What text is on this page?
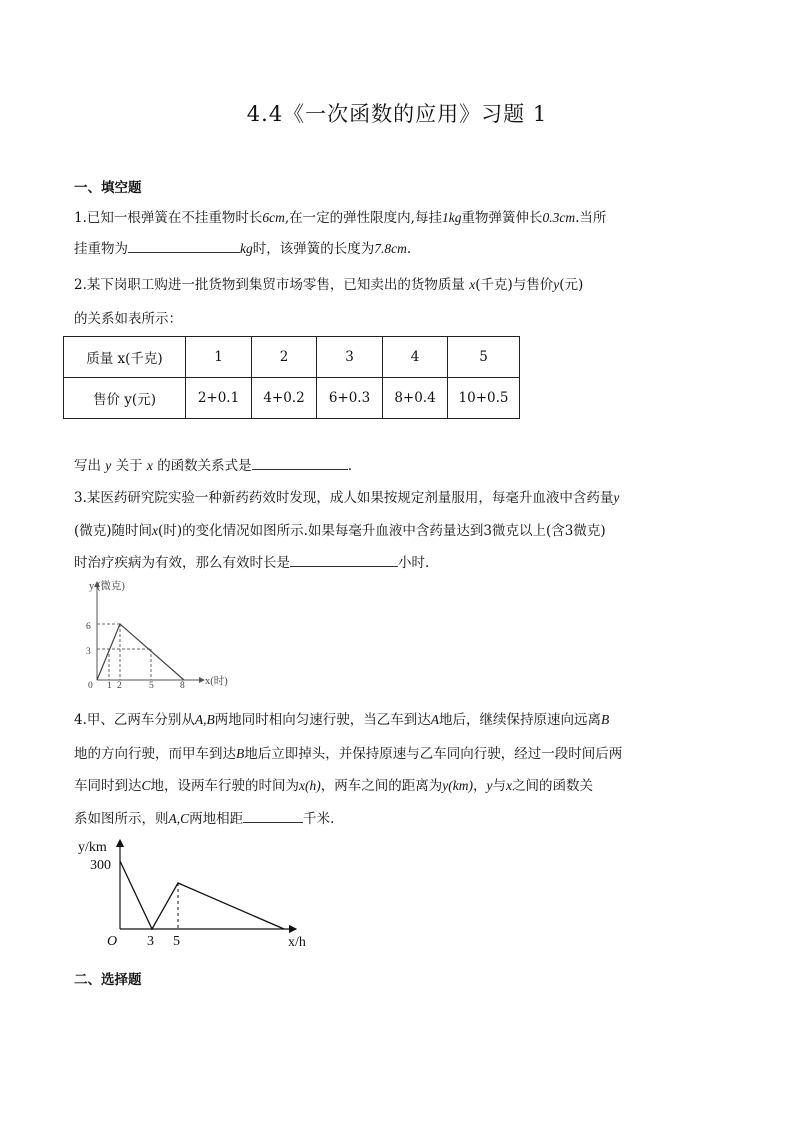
4.4《一次函数的应用》习题 1
一、填空题
1.已知一根弹簧在不挂重物时长6cm,在一定的弹性限度内,每挂1kg重物弹簧伸长0.3cm.当所
挂重物为	kg时，该弹簧的长度为7.8cm.
2.某下岗职工购进一批货物到集贸市场零售，已知卖出的货物质量 x(千克)与售价y(元)
的关系如表所示：
质量 x(千克)	1	2	3	4	5
售价 y(元)	2+0.1	4+0.2	6+0.3	8+0.4	10+0.5
写出 y 关于 x 的函数关系式是	.
3.某医药研究院实验一种新药药效时发现，成人如果按规定剂量服用，每毫升血液中含药量y
(微克)随时间x(时)的变化情况如图所示.如果每毫升血液中含药量达到3微克以上(含3微克)
时治疗疾病为有效，那么有效时长是	小时.
y (微克)
x(时)
0
6
3
1 2	5	8
4.甲、乙两车分别从A,B两地同时相向匀速行驶，当乙车到达A地后，继续保持原速向远离B
地的方向行驶，而甲车到达B地后立即掉头，并保持原速与乙车同向行驶，经过一段时间后两
车同时到达C地，设两车行驶的时间为x(h)，两车之间的距离为y(km)，y与x之间的函数关
系如图所示，则A,C两地相距	千米.
y/km
300
O 3 5	x/h
二、选择题
